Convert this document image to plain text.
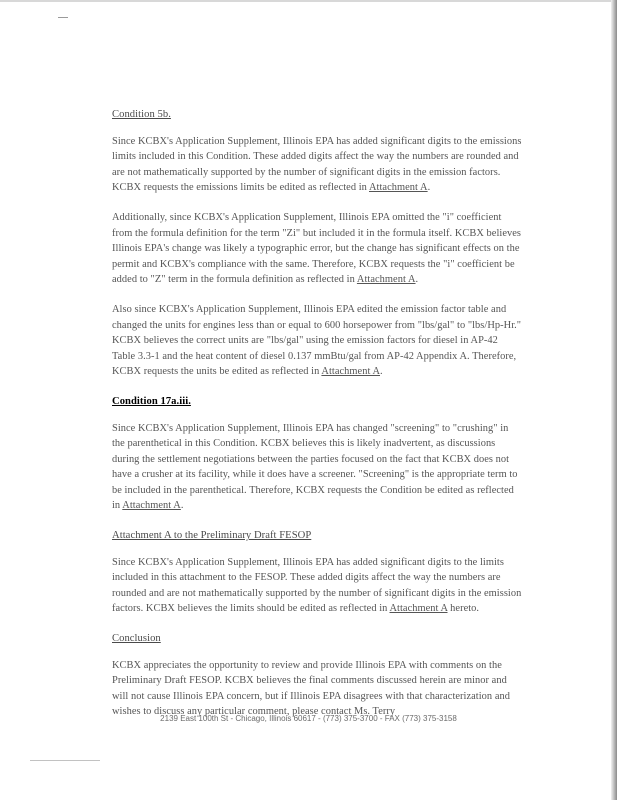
Condition 5b.

Since KCBX's Application Supplement, Illinois EPA has added significant digits to the emissions limits included in this Condition. These added digits affect the way the numbers are rounded and are not mathematically supported by the number of significant digits in the emission factors. KCBX requests the emissions limits be edited as reflected in Attachment A.

Additionally, since KCBX's Application Supplement, Illinois EPA omitted the "i" coefficient from the formula definition for the term "Zi" but included it in the formula itself. KCBX believes Illinois EPA's change was likely a typographic error, but the change has significant effects on the permit and KCBX's compliance with the same. Therefore, KCBX requests the "i" coefficient be added to "Z" term in the formula definition as reflected in Attachment A.

Also since KCBX's Application Supplement, Illinois EPA edited the emission factor table and changed the units for engines less than or equal to 600 horsepower from "lbs/gal" to "lbs/Hp-Hr." KCBX believes the correct units are "lbs/gal" using the emission factors for diesel in AP-42 Table 3.3-1 and the heat content of diesel 0.137 mmBtu/gal from AP-42 Appendix A. Therefore, KCBX requests the units be edited as reflected in Attachment A.

Condition 17a.iii.

Since KCBX's Application Supplement, Illinois EPA has changed "screening" to "crushing" in the parenthetical in this Condition. KCBX believes this is likely inadvertent, as discussions during the settlement negotiations between the parties focused on the fact that KCBX does not have a crusher at its facility, while it does have a screener. "Screening" is the appropriate term to be included in the parenthetical. Therefore, KCBX requests the Condition be edited as reflected in Attachment A.

Attachment A to the Preliminary Draft FESOP

Since KCBX's Application Supplement, Illinois EPA has added significant digits to the limits included in this attachment to the FESOP. These added digits affect the way the numbers are rounded and are not mathematically supported by the number of significant digits in the emission factors. KCBX believes the limits should be edited as reflected in Attachment A hereto.

Conclusion

KCBX appreciates the opportunity to review and provide Illinois EPA with comments on the Preliminary Draft FESOP. KCBX believes the final comments discussed herein are minor and will not cause Illinois EPA concern, but if Illinois EPA disagrees with that characterization and wishes to discuss any particular comment, please contact Ms. Terry

2139 East 100th St - Chicago, Illinois 60617 - (773) 375-3700 - FAX (773) 375-3158
